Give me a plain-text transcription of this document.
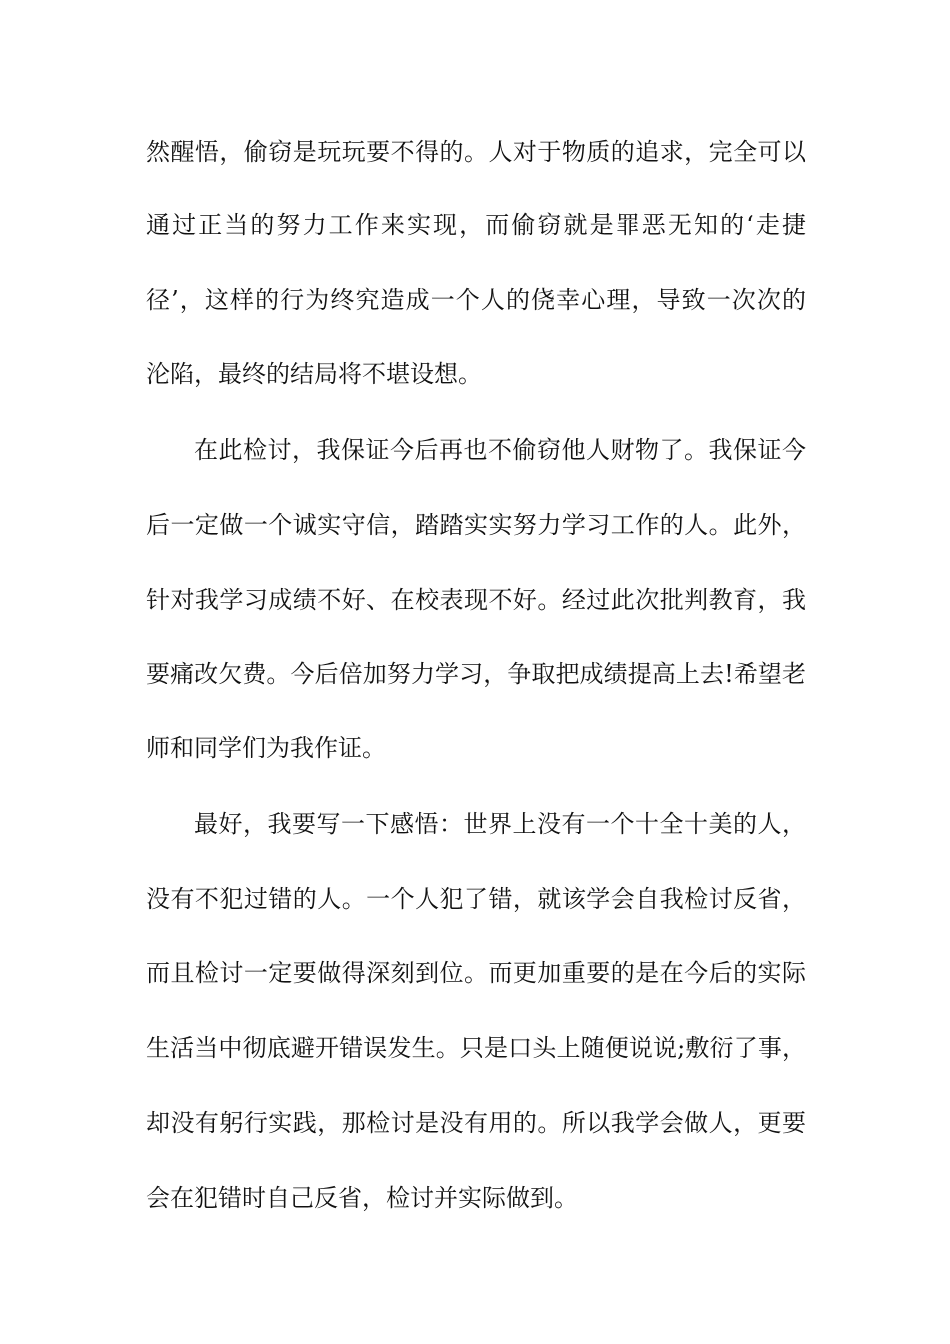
然醒悟，偷窃是玩玩要不得的。人对于物质的追求，完全可以
通过正当的努力工作来实现，而偷窃就是罪恶无知的‘走捷
径’，这样的行为终究造成一个人的侥幸心理，导致一次次的
沦陷，最终的结局将不堪设想。
在此检讨，我保证今后再也不偷窃他人财物了。我保证今
后一定做一个诚实守信，踏踏实实努力学习工作的人。此外，
针对我学习成绩不好、在校表现不好。经过此次批判教育，我
要痛改欠费。今后倍加努力学习，争取把成绩提高上去!希望老
师和同学们为我作证。
最好，我要写一下感悟：世界上没有一个十全十美的人，
没有不犯过错的人。一个人犯了错，就该学会自我检讨反省，
而且检讨一定要做得深刻到位。而更加重要的是在今后的实际
生活当中彻底避开错误发生。只是口头上随便说说;敷衍了事，
却没有躬行实践，那检讨是没有用的。所以我学会做人，更要
会在犯错时自己反省，检讨并实际做到。
